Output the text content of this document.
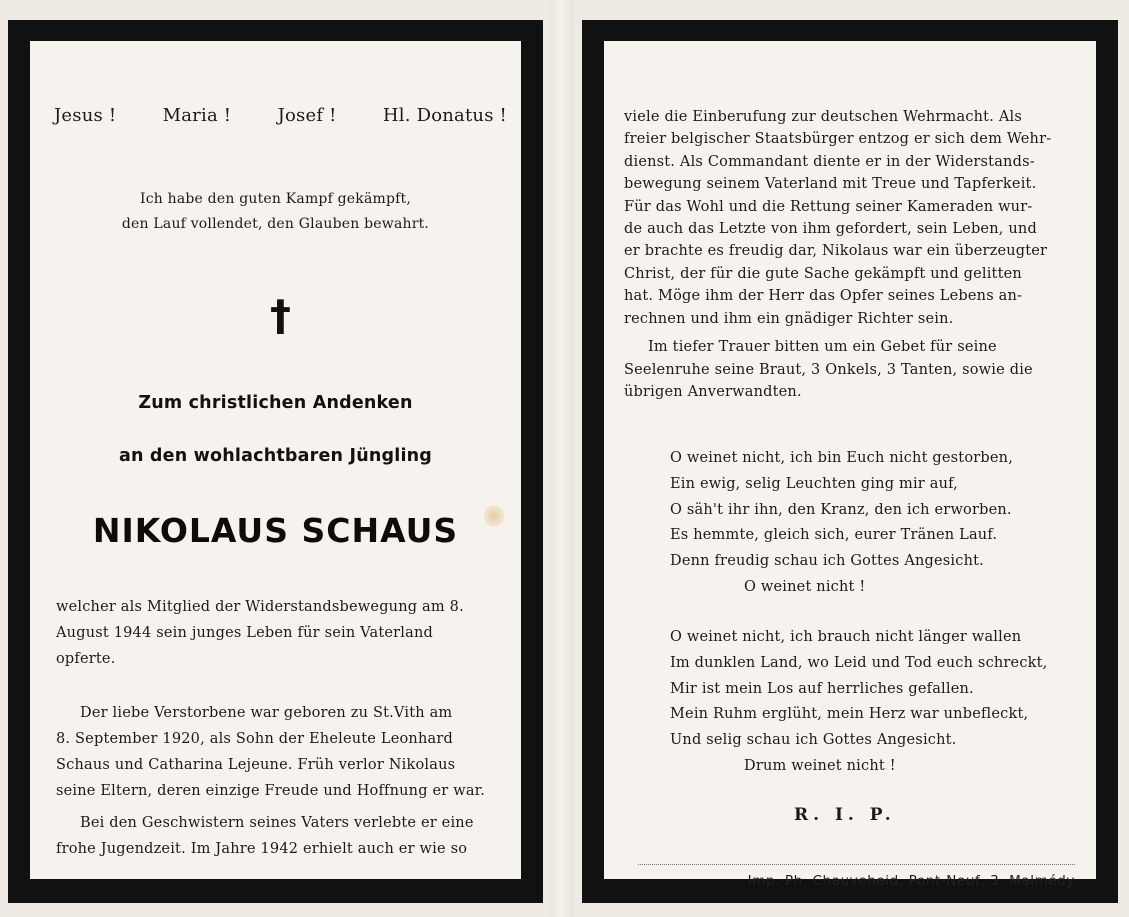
Jesus !	Maria !	Josef !	Hl. Donatus !
Ich habe den guten Kampf gekämpft,
den Lauf vollendet, den Glauben bewahrt.
†
Zum christlichen Andenken
an den wohlachtbaren Jüngling
NIKOLAUS SCHAUS
welcher als Mitglied der Widerstandsbewegung am 8.
August 1944 sein junges Leben für sein Vaterland
opferte.
Der liebe Verstorbene war geboren zu St.Vith am
8. September 1920, als Sohn der Eheleute Leonhard
Schaus und Catharina Lejeune. Früh verlor Nikolaus
seine Eltern, deren einzige Freude und Hoffnung er war.
Bei den Geschwistern seines Vaters verlebte er eine
frohe Jugendzeit. Im Jahre 1942 erhielt auch er wie so
viele die Einberufung zur deutschen Wehrmacht. Als
freier belgischer Staatsbürger entzog er sich dem Wehr-
dienst. Als Commandant diente er in der Widerstands-
bewegung seinem Vaterland mit Treue und Tapferkeit.
Für das Wohl und die Rettung seiner Kameraden wur-
de auch das Letzte von ihm gefordert, sein Leben, und
er brachte es freudig dar, Nikolaus war ein überzeugter
Christ, der für die gute Sache gekämpft und gelitten
hat. Möge ihm der Herr das Opfer seines Lebens an-
rechnen und ihm ein gnädiger Richter sein.
Im tiefer Trauer bitten um ein Gebet für seine
Seelenruhe seine Braut, 3 Onkels, 3 Tanten, sowie die
übrigen Anverwandten.
O weinet nicht, ich bin Euch nicht gestorben,
Ein ewig, selig Leuchten ging mir auf,
O säh't ihr ihn, den Kranz, den ich erworben.
Es hemmte, gleich sich, eurer Tränen Lauf.
Denn freudig schau ich Gottes Angesicht.
O weinet nicht !
O weinet nicht, ich brauch nicht länger wallen
Im dunklen Land, wo Leid und Tod euch schreckt,
Mir ist mein Los auf herrliches gefallen.
Mein Ruhm erglüht, mein Herz war unbefleckt,
Und selig schau ich Gottes Angesicht.
Drum weinet nicht !
R. I. P.
Imp. Ph. Chauveheid, Pont-Neuf, 3. Malmédy
